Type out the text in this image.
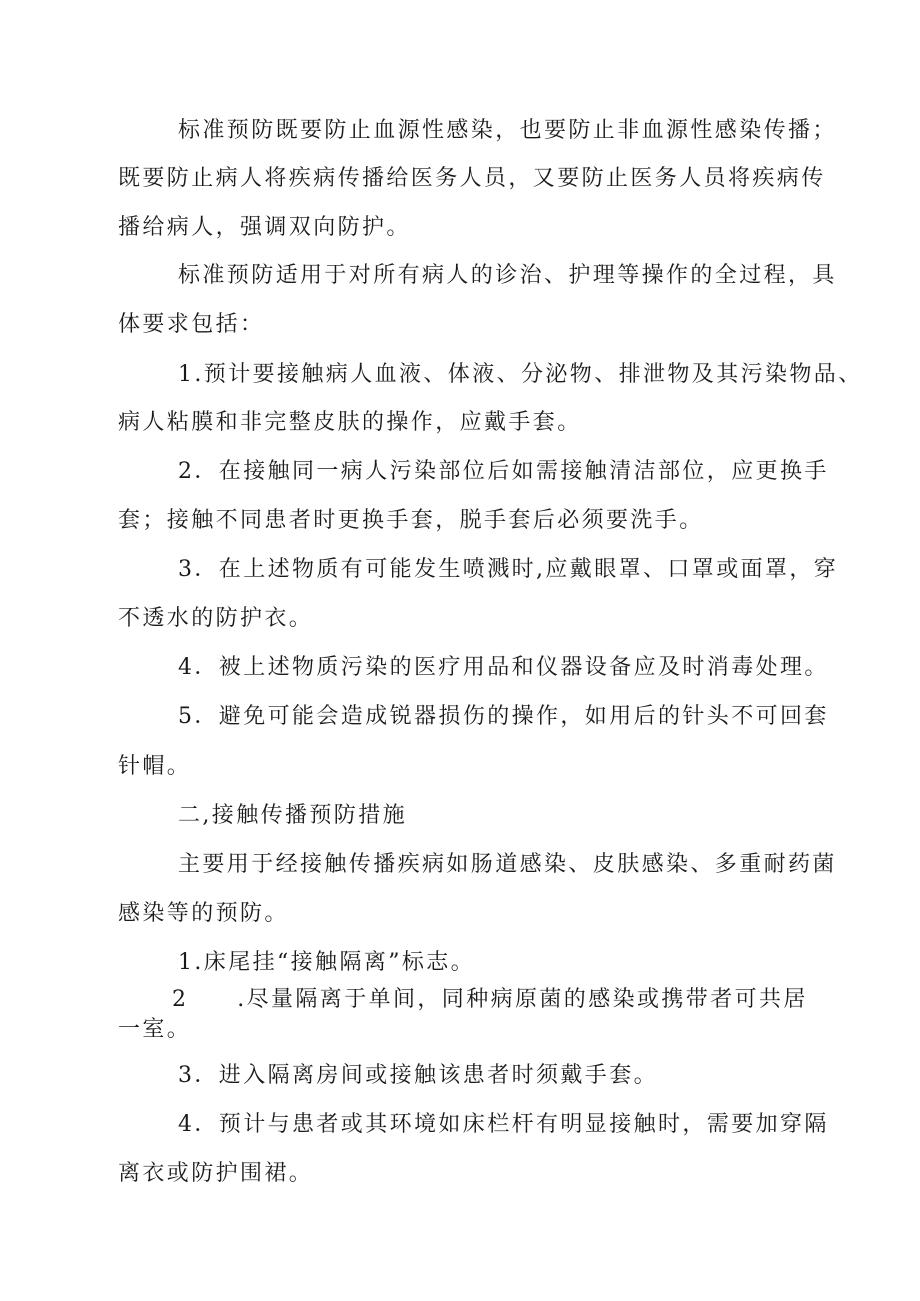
标准预防既要防止血源性感染，也要防止非血源性感染传播；
既要防止病人将疾病传播给医务人员，又要防止医务人员将疾病传
播给病人，强调双向防护。
标准预防适用于对所有病人的诊治、护理等操作的全过程，具
体要求包括：
1.预计要接触病人血液、体液、分泌物、排泄物及其污染物品、
病人粘膜和非完整皮肤的操作，应戴手套。
2．在接触同一病人污染部位后如需接触清洁部位，应更换手
套；接触不同患者时更换手套，脱手套后必须要洗手。
3．在上述物质有可能发生喷溅时,应戴眼罩、口罩或面罩，穿
不透水的防护衣。
4．被上述物质污染的医疗用品和仪器设备应及时消毒处理。
5．避免可能会造成锐器损伤的操作，如用后的针头不可回套
针帽。
二,接触传播预防措施
主要用于经接触传播疾病如肠道感染、皮肤感染、多重耐药菌
感染等的预防。
1.床尾挂“接触隔离”标志。
2　　.尽量隔离于单间，同种病原菌的感染或携带者可共居
一室。
3．进入隔离房间或接触该患者时须戴手套。
4．预计与患者或其环境如床栏杆有明显接触时，需要加穿隔
离衣或防护围裙。
